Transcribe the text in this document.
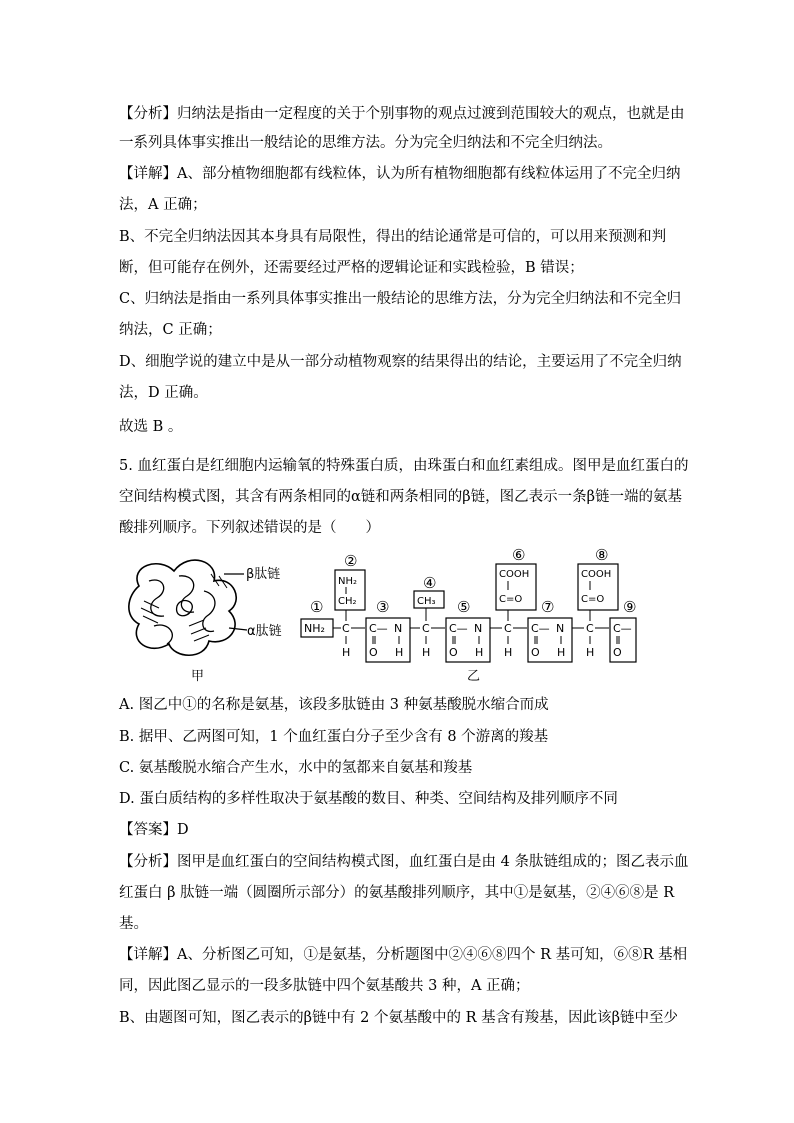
【分析】归纳法是指由一定程度的关于个别事物的观点过渡到范围较大的观点，也就是由
一系列具体事实推出一般结论的思维方法。分为完全归纳法和不完全归纳法。
【详解】A、部分植物细胞都有线粒体，认为所有植物细胞都有线粒体运用了不完全归纳
法，A 正确；
B、不完全归纳法因其本身具有局限性，得出的结论通常是可信的，可以用来预测和判
断，但可能存在例外，还需要经过严格的逻辑论证和实践检验，B 错误；
C、归纳法是指由一系列具体事实推出一般结论的思维方法，分为完全归纳法和不完全归
纳法，C 正确；
D、细胞学说的建立中是从一部分动植物观察的结果得出的结论，主要运用了不完全归纳
法，D 正确。
故选 B 。
5. 血红蛋白是红细胞内运输氧的特殊蛋白质，由珠蛋白和血红素组成。图甲是血红蛋白的
空间结构模式图，其含有两条相同的α链和两条相同的β链，图乙表示一条β链一端的氨基
酸排列顺序。下列叙述错误的是（　　）
A. 图乙中①的名称是氨基，该段多肽链由 3 种氨基酸脱水缩合而成
B. 据甲、乙两图可知，1 个血红蛋白分子至少含有 8 个游离的羧基
C. 氨基酸脱水缩合产生水，水中的氢都来自氨基和羧基
D. 蛋白质结构的多样性取决于氨基酸的数目、种类、空间结构及排列顺序不同
【答案】D
【分析】图甲是血红蛋白的空间结构模式图，血红蛋白是由 4 条肽链组成的；图乙表示血
红蛋白 β 肽链一端（圆圈所示部分）的氨基酸排列顺序，其中①是氨基，②④⑥⑧是 R
基。
【详解】A、分析图乙可知，①是氨基，分析题图中②④⑥⑧四个 R 基可知，⑥⑧R 基相
同，因此图乙显示的一段多肽链中四个氨基酸共 3 种，A 正确；
B、由题图可知，图乙表示的β链中有 2 个氨基酸中的 R 基含有羧基，因此该β链中至少
β肽链
α肽链
甲
①
②
③
④
⑤
⑥
⑦
⑧
⑨
NH₂ C
H
NH₂
CH₂
C— N
O H
C
H
CH₃
C— N
O H
C
H
COOH
C=O
C— N
O H
C
H
COOH
C=O
C—
O
乙
